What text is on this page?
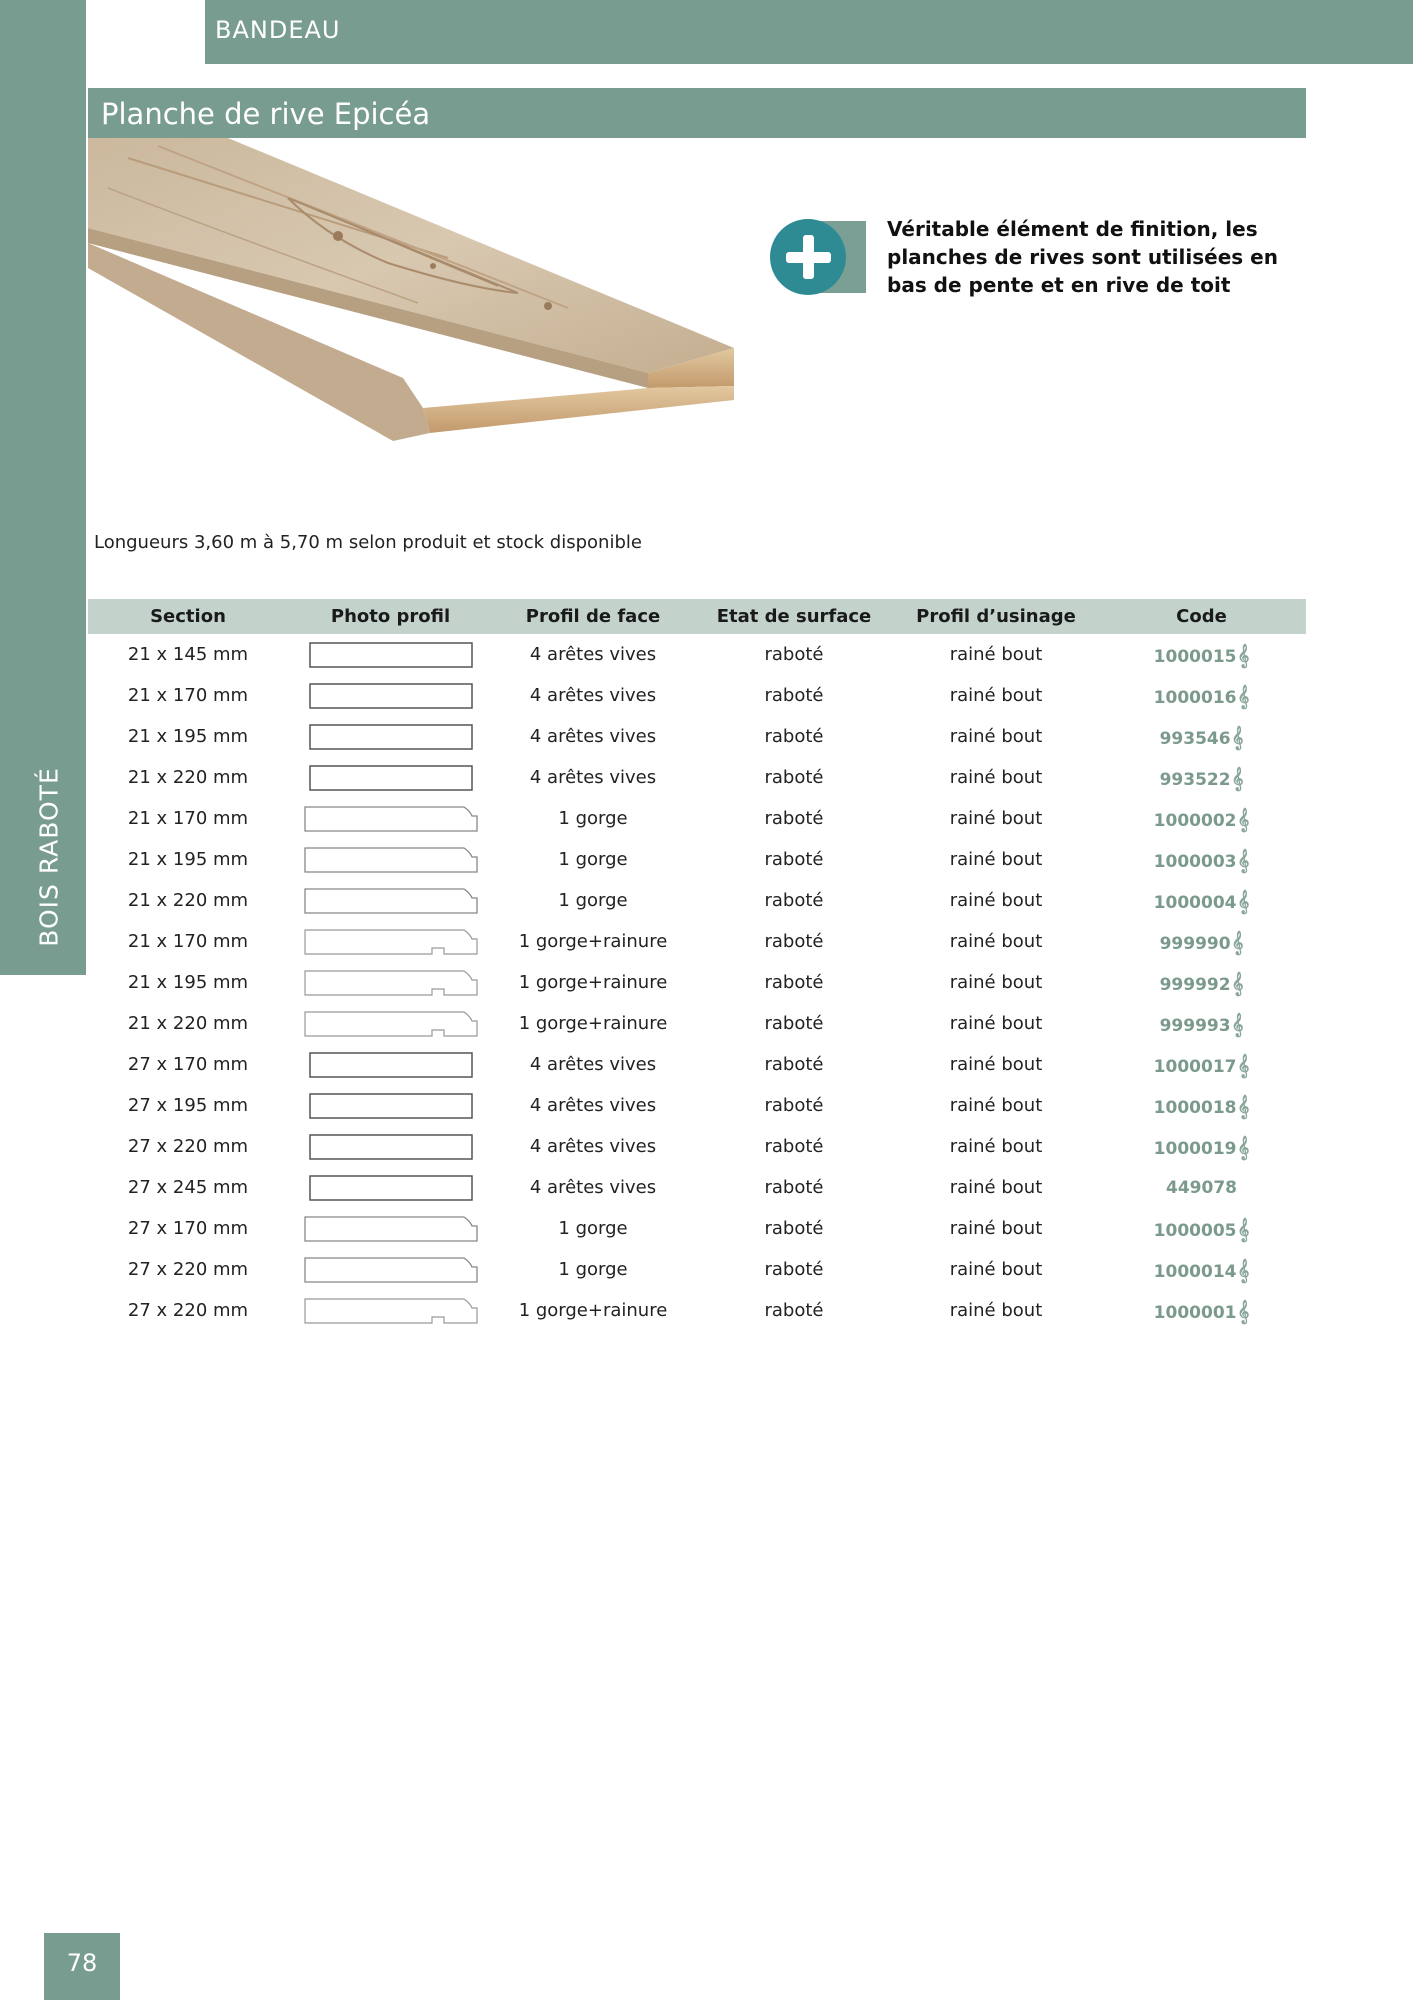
BOIS RABOTÉ
BANDEAU
Planche de rive Epicéa
Véritable élément de finition, les planches de rives sont utilisées en bas de pente et en rive de toit
Longueurs 3,60 m à 5,70 m selon produit et stock disponible
Section	Photo profil	Profil de face	Etat de surface	Profil d’usinage	Code
21 x 145 mm		4 arêtes vives	raboté	rainé bout	1000015𝄞
21 x 170 mm		4 arêtes vives	raboté	rainé bout	1000016𝄞
21 x 195 mm		4 arêtes vives	raboté	rainé bout	993546𝄞
21 x 220 mm		4 arêtes vives	raboté	rainé bout	993522𝄞
21 x 170 mm		1 gorge	raboté	rainé bout	1000002𝄞
21 x 195 mm		1 gorge	raboté	rainé bout	1000003𝄞
21 x 220 mm		1 gorge	raboté	rainé bout	1000004𝄞
21 x 170 mm		1 gorge+rainure	raboté	rainé bout	999990𝄞
21 x 195 mm		1 gorge+rainure	raboté	rainé bout	999992𝄞
21 x 220 mm		1 gorge+rainure	raboté	rainé bout	999993𝄞
27 x 170 mm		4 arêtes vives	raboté	rainé bout	1000017𝄞
27 x 195 mm		4 arêtes vives	raboté	rainé bout	1000018𝄞
27 x 220 mm		4 arêtes vives	raboté	rainé bout	1000019𝄞
27 x 245 mm		4 arêtes vives	raboté	rainé bout	449078
27 x 170 mm		1 gorge	raboté	rainé bout	1000005𝄞
27 x 220 mm		1 gorge	raboté	rainé bout	1000014𝄞
27 x 220 mm		1 gorge+rainure	raboté	rainé bout	1000001𝄞
78
